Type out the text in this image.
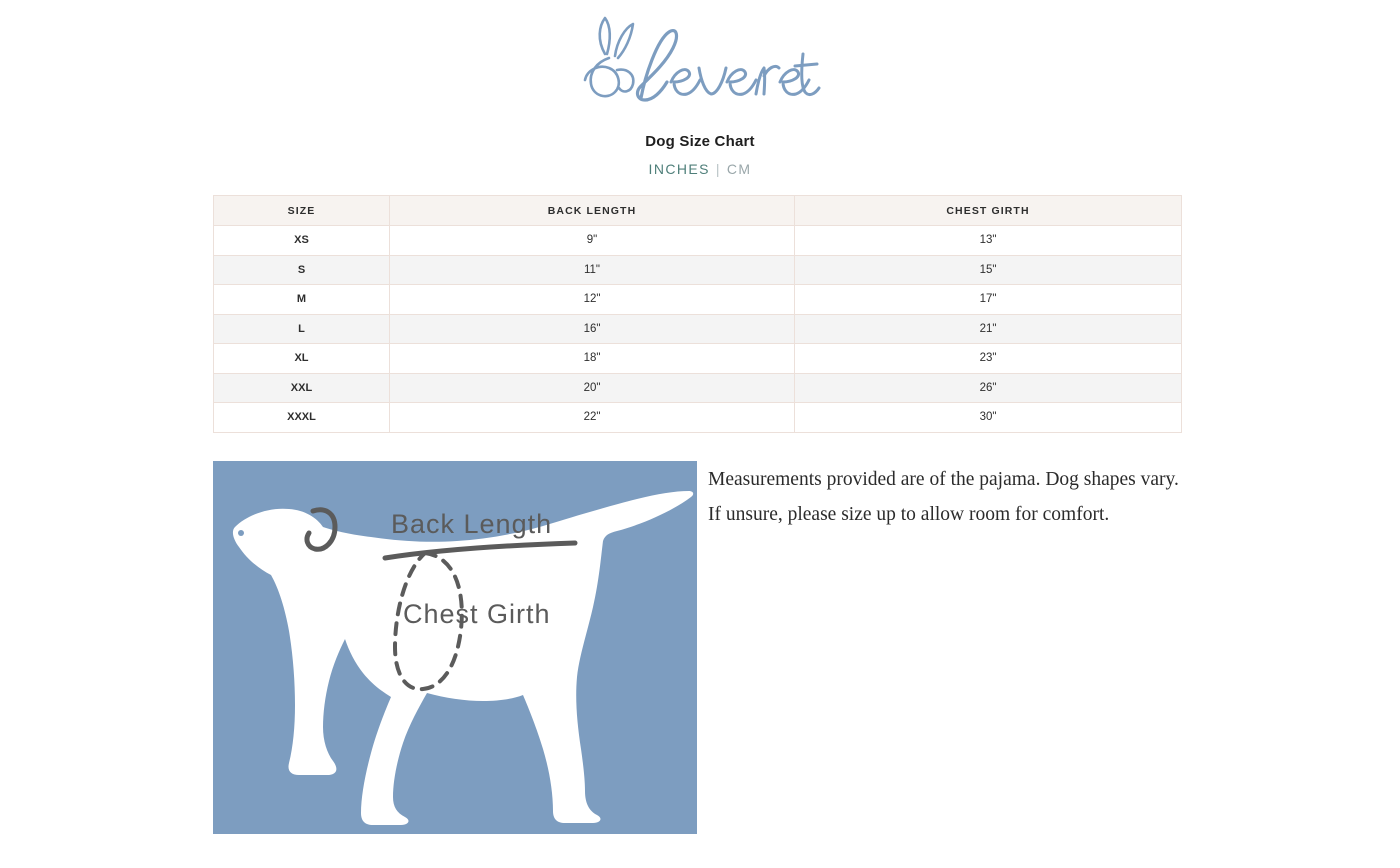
Dog Size Chart
INCHES | CM
SIZE	BACK LENGTH	CHEST GIRTH
XS	9"	13"
S	11"	15"
M	12"	17"
L	16"	21"
XL	18"	23"
XXL	20"	26"
XXXL	22"	30"
Back Length
Chest Girth
Measurements provided are of the pajama. Dog shapes vary. If unsure, please size up to allow room for comfort.
